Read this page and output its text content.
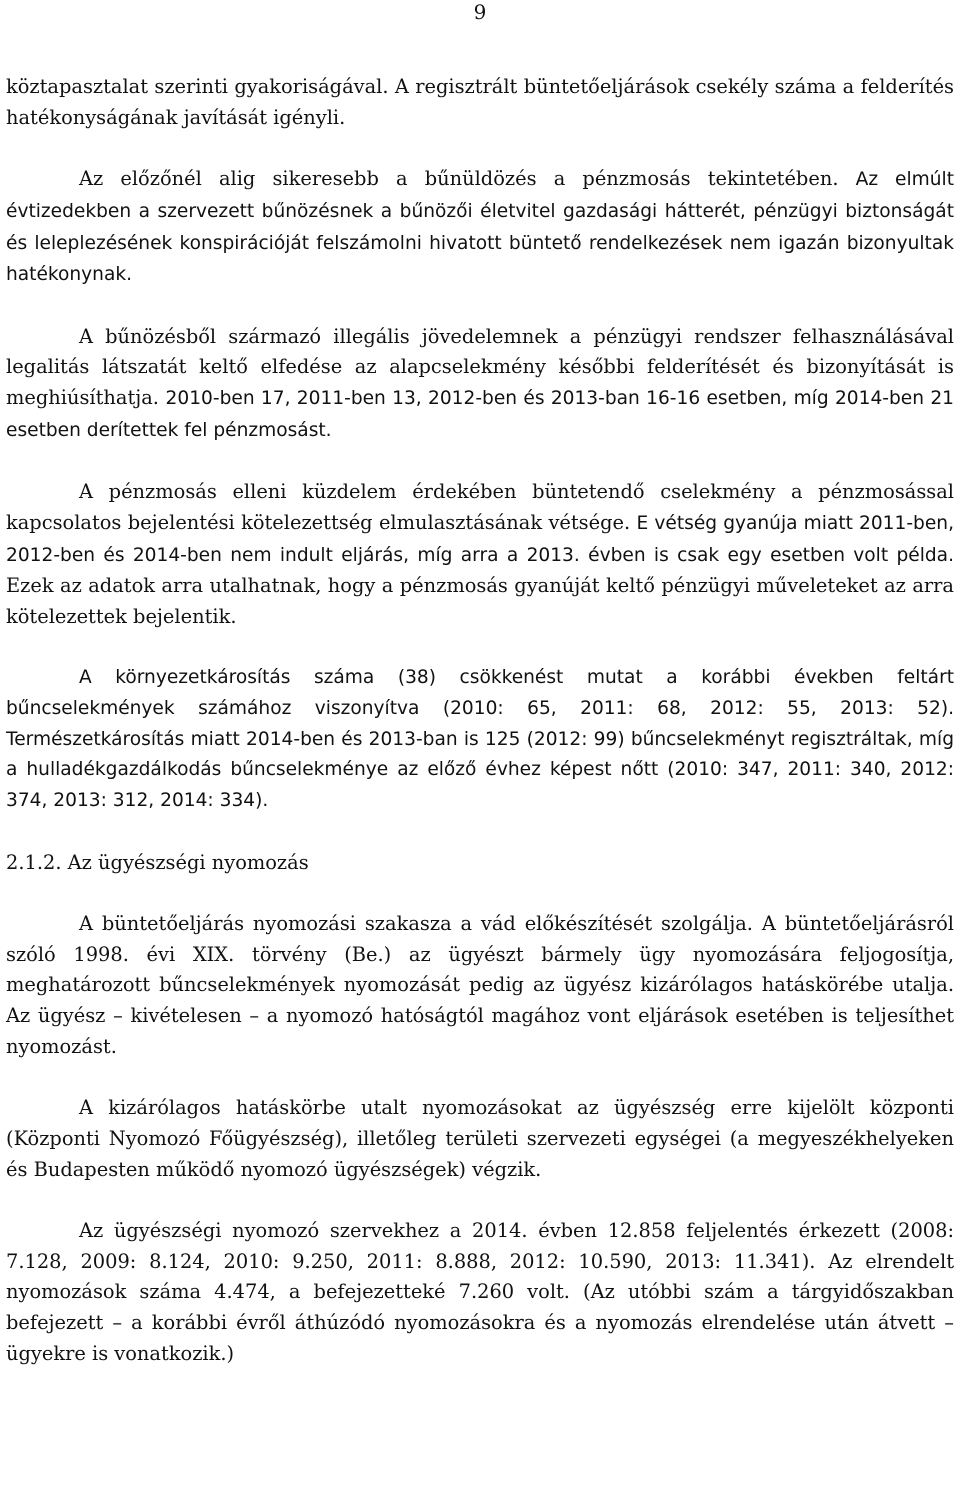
9

köztapasztalat szerinti gyakoriságával. A regisztrált büntetőeljárások csekély száma a felderítés hatékonyságának javítását igényli.

Az előzőnél alig sikeresebb a bűnüldözés a pénzmosás tekintetében. Az elmúlt évtizedekben a szervezett bűnözésnek a bűnözői életvitel gazdasági hátterét, pénzügyi biztonságát és leleplezésének konspirációját felszámolni hivatott büntető rendelkezések nem igazán bizonyultak hatékonynak.

A bűnözésből származó illegális jövedelemnek a pénzügyi rendszer felhasználásával legalitás látszatát keltő elfedése az alapcselekmény későbbi felderítését és bizonyítását is meghiúsíthatja. 2010-ben 17, 2011-ben 13, 2012-ben és 2013-ban 16-16 esetben, míg 2014-ben 21 esetben derítettek fel pénzmosást.

A pénzmosás elleni küzdelem érdekében büntetendő cselekmény a pénzmosással kapcsolatos bejelentési kötelezettség elmulasztásának vétsége. E vétség gyanúja miatt 2011-ben, 2012-ben és 2014-ben nem indult eljárás, míg arra a 2013. évben is csak egy esetben volt példa. Ezek az adatok arra utalhatnak, hogy a pénzmosás gyanúját keltő pénzügyi műveleteket az arra kötelezettek bejelentik.

A környezetkárosítás száma (38) csökkenést mutat a korábbi években feltárt bűncselekmények számához viszonyítva (2010: 65, 2011: 68, 2012: 55, 2013: 52). Természetkárosítás miatt 2014-ben és 2013-ban is 125 (2012: 99) bűncselekményt regisztráltak, míg a hulladékgazdálkodás bűncselekménye az előző évhez képest nőtt (2010: 347, 2011: 340, 2012: 374, 2013: 312, 2014: 334).

2.1.2. Az ügyészségi nyomozás

A büntetőeljárás nyomozási szakasza a vád előkészítését szolgálja. A büntetőeljárásról szóló 1998. évi XIX. törvény (Be.) az ügyészt bármely ügy nyomozására feljogosítja, meghatározott bűncselekmények nyomozását pedig az ügyész kizárólagos hatáskörébe utalja. Az ügyész – kivételesen – a nyomozó hatóságtól magához vont eljárások esetében is teljesíthet nyomozást.

A kizárólagos hatáskörbe utalt nyomozásokat az ügyészség erre kijelölt központi (Központi Nyomozó Főügyészség), illetőleg területi szervezeti egységei (a megyeszékhelyeken és Budapesten működő nyomozó ügyészségek) végzik.

Az ügyészségi nyomozó szervekhez a 2014. évben 12.858 feljelentés érkezett (2008: 7.128, 2009: 8.124, 2010: 9.250, 2011: 8.888, 2012: 10.590, 2013: 11.341). Az elrendelt nyomozások száma 4.474, a befejezetteké 7.260 volt. (Az utóbbi szám a tárgyidőszakban befejezett – a korábbi évről áthúzódó nyomozásokra és a nyomozás elrendelése után átvett – ügyekre is vonatkozik.)
